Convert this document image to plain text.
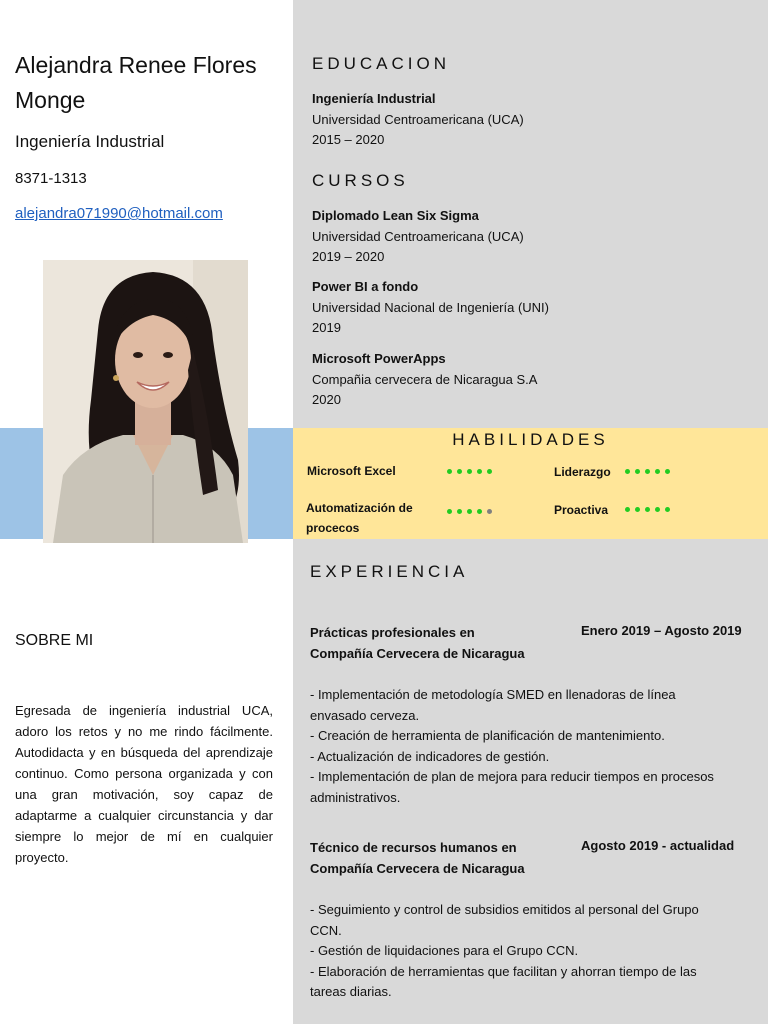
Alejandra Renee Flores Monge
Ingeniería Industrial
8371-1313
alejandra071990@hotmail.com
SOBRE MI
Egresada de ingeniería industrial UCA, adoro los retos y no me rindo fácilmente. Autodidacta y en búsqueda del aprendizaje continuo. Como persona organizada y con una gran motivación, soy capaz de adaptarme a cualquier circunstancia y dar siempre lo mejor de mí en cualquier proyecto.
EDUCACION
Ingeniería Industrial
Universidad Centroamericana (UCA)
2015 – 2020
CURSOS
Diplomado Lean Six Sigma
Universidad Centroamericana (UCA)
2019 – 2020
Power BI a fondo
Universidad Nacional de Ingeniería (UNI)
2019
Microsoft PowerApps
Compañia cervecera de Nicaragua S.A
2020
HABILIDADES
Microsoft Excel	Liderazgo
Automatización de procecos
Proactiva
EXPERIENCIA
Prácticas profesionales en
Compañía Cervecera de Nicaragua
Enero 2019 – Agosto 2019
- Implementación de metodología SMED en llenadoras de línea envasado cerveza.
- Creación de herramienta de planificación de mantenimiento.
- Actualización de indicadores de gestión.
- Implementación de plan de mejora para reducir tiempos en procesos administrativos.
Técnico de recursos humanos en
Compañía Cervecera de Nicaragua
Agosto 2019 - actualidad
- Seguimiento y control de subsidios emitidos al personal del Grupo CCN.
- Gestión de liquidaciones para el Grupo CCN.
- Elaboración de herramientas que facilitan y ahorran tiempo de las tareas diarias.
